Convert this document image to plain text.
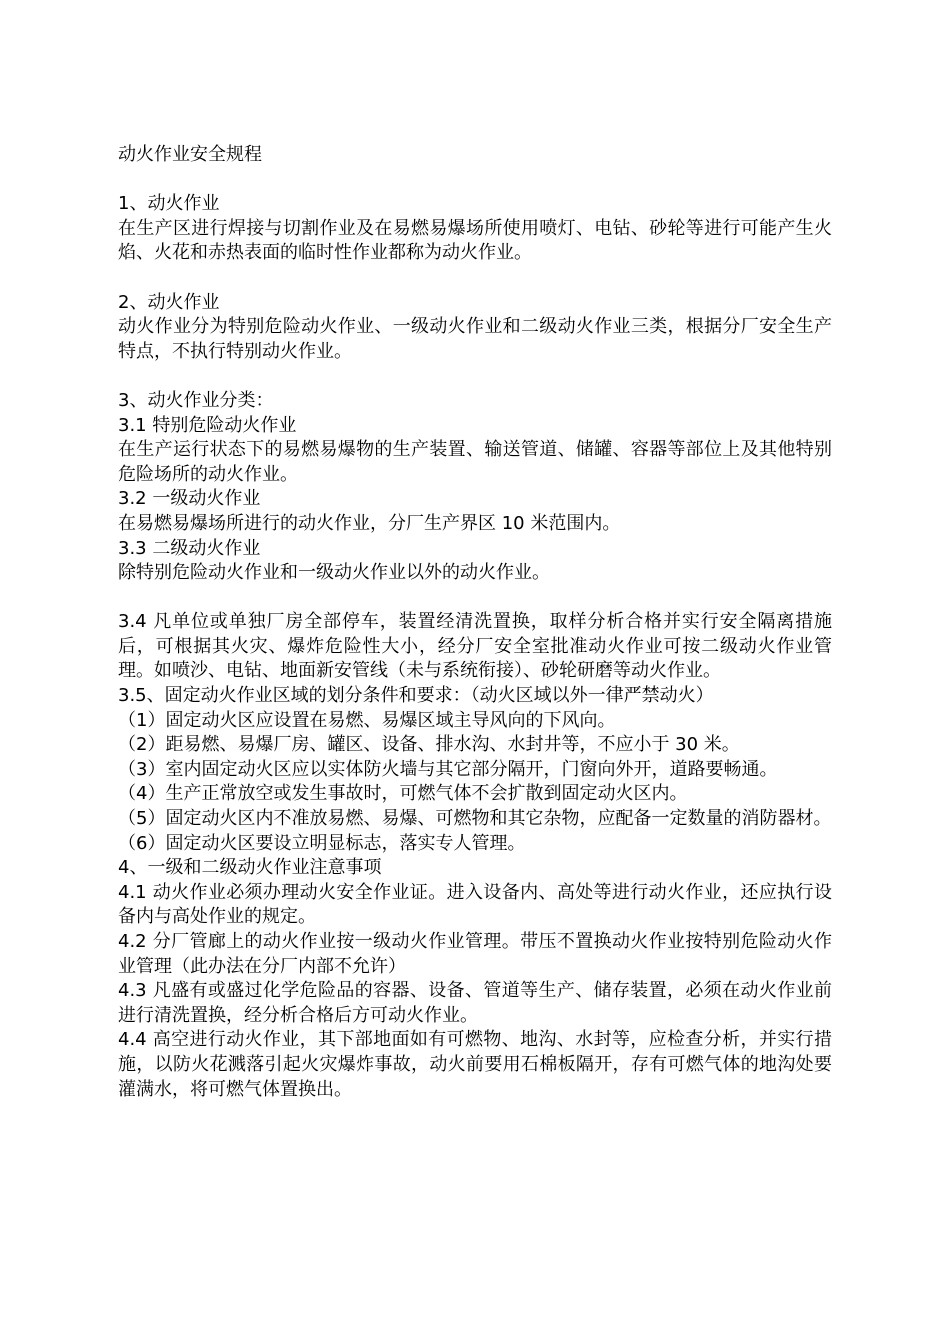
动火作业安全规程

1、动火作业

在生产区进行焊接与切割作业及在易燃易爆场所使用喷灯、电钻、砂轮等进行可能产生火焰、火花和赤热表面的临时性作业都称为动火作业。

2、动火作业

动火作业分为特别危险动火作业、一级动火作业和二级动火作业三类，根据分厂安全生产特点，不执行特别动火作业。

3、动火作业分类：

3.1 特别危险动火作业

在生产运行状态下的易燃易爆物的生产装置、输送管道、储罐、容器等部位上及其他特别危险场所的动火作业。

3.2 一级动火作业

在易燃易爆场所进行的动火作业，分厂生产界区 10 米范围内。

3.3 二级动火作业

除特别危险动火作业和一级动火作业以外的动火作业。

3.4 凡单位或单独厂房全部停车，装置经清洗置换，取样分析合格并实行安全隔离措施后，可根据其火灾、爆炸危险性大小，经分厂安全室批准动火作业可按二级动火作业管理。如喷沙、电钻、地面新安管线（未与系统衔接）、砂轮研磨等动火作业。

3.5、固定动火作业区域的划分条件和要求：（动火区域以外一律严禁动火）

（1）固定动火区应设置在易燃、易爆区域主导风向的下风向。

（2）距易燃、易爆厂房、罐区、设备、排水沟、水封井等，不应小于 30 米。

（3）室内固定动火区应以实体防火墙与其它部分隔开，门窗向外开，道路要畅通。

（4）生产正常放空或发生事故时，可燃气体不会扩散到固定动火区内。

（5）固定动火区内不准放易燃、易爆、可燃物和其它杂物，应配备一定数量的消防器材。

（6）固定动火区要设立明显标志，落实专人管理。

4、一级和二级动火作业注意事项

4.1 动火作业必须办理动火安全作业证。进入设备内、高处等进行动火作业，还应执行设备内与高处作业的规定。

4.2 分厂管廊上的动火作业按一级动火作业管理。带压不置换动火作业按特别危险动火作业管理（此办法在分厂内部不允许）

4.3 凡盛有或盛过化学危险品的容器、设备、管道等生产、储存装置，必须在动火作业前进行清洗置换，经分析合格后方可动火作业。

4.4 高空进行动火作业，其下部地面如有可燃物、地沟、水封等，应检查分析，并实行措施，以防火花溅落引起火灾爆炸事故，动火前要用石棉板隔开，存有可燃气体的地沟处要灌满水，将可燃气体置换出。
